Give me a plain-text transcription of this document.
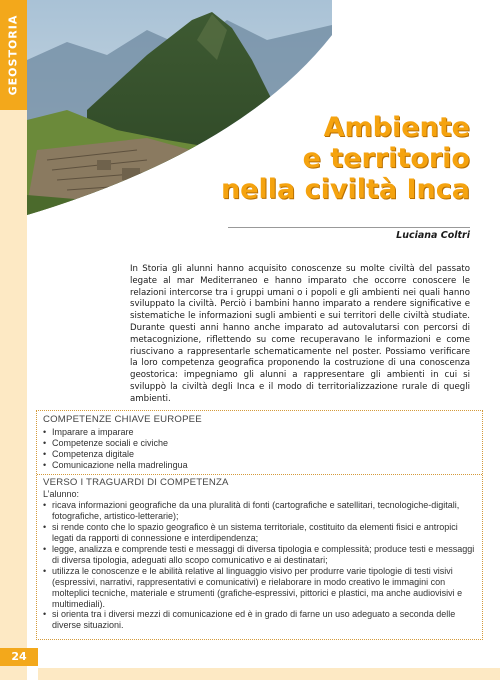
GEOSTORIA
Ambiente
e territorio
nella civiltà Inca
Luciana Coltri
In Storia gli alunni hanno acquisito conoscenze su molte civiltà del passato legate al mar Mediterraneo e hanno imparato che occorre conoscere le relazioni intercorse tra i gruppi umani o i popoli e gli ambienti nei quali hanno sviluppato la civiltà. Perciò i bambini hanno imparato a rendere significative e sistematiche le informazioni sugli ambienti e sui territori delle civiltà studiate. Durante questi anni hanno anche imparato ad autovalutarsi con percorsi di metacognizione, riflettendo su come recuperavano le informazioni e come riuscivano a rappresentarle schematicamente nel poster. Possiamo verificare la loro competenza geografica proponendo la costruzione di una conoscenza geostorica: impegniamo gli alunni a rappresentare gli ambienti in cui si sviluppò la civiltà degli Inca e il modo di territorializzazione rurale di quegli ambienti.
COMPETENZE CHIAVE EUROPEE
• Imparare a imparare
• Competenze sociali e civiche
• Competenza digitale
• Comunicazione nella madrelingua
VERSO I TRAGUARDI DI COMPETENZA
L’alunno:
• ricava informazioni geografiche da una pluralità di fonti (cartografiche e satellitari, tecnologiche-digitali, fotografiche, artistico-letterarie);
• si rende conto che lo spazio geografico è un sistema territoriale, costituito da elementi fisici e antropici legati da rapporti di connessione e interdipendenza;
• legge, analizza e comprende testi e messaggi di diversa tipologia e complessità; produce testi e messaggi di diversa tipologia, adeguati allo scopo comunicativo e ai destinatari;
• utilizza le conoscenze e le abilità relative al linguaggio visivo per produrre varie tipologie di testi visivi (espressivi, narrativi, rappresentativi e comunicativi) e rielaborare in modo creativo le immagini con molteplici tecniche, materiale e strumenti (grafiche-espressivi, pittorici e plastici, ma anche audiovisivi e multimediali).
• si orienta tra i diversi mezzi di comunicazione ed è in grado di farne un uso adeguato a seconda delle diverse situazioni.
24
